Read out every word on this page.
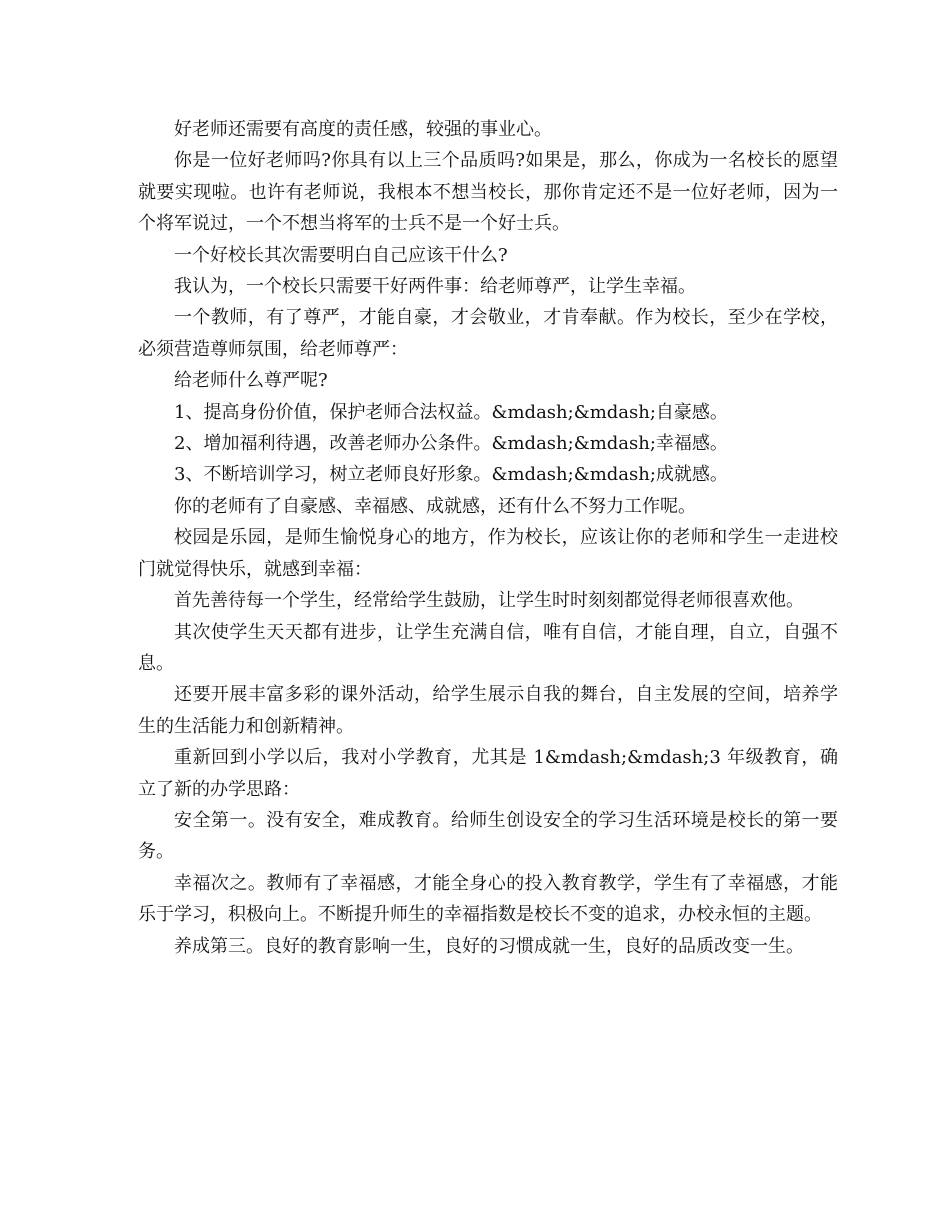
好老师还需要有高度的责任感，较强的事业心。

你是一位好老师吗?你具有以上三个品质吗?如果是，那么，你成为一名校长的愿望就要实现啦。也许有老师说，我根本不想当校长，那你肯定还不是一位好老师，因为一个将军说过，一个不想当将军的士兵不是一个好士兵。

一个好校长其次需要明白自己应该干什么?

我认为，一个校长只需要干好两件事：给老师尊严，让学生幸福。

一个教师，有了尊严，才能自豪，才会敬业，才肯奉献。作为校长，至少在学校，必须营造尊师氛围，给老师尊严：

给老师什么尊严呢?

1、提高身份价值，保护老师合法权益。&mdash;&mdash;自豪感。

2、增加福利待遇，改善老师办公条件。&mdash;&mdash;幸福感。

3、不断培训学习，树立老师良好形象。&mdash;&mdash;成就感。

你的老师有了自豪感、幸福感、成就感，还有什么不努力工作呢。

校园是乐园，是师生愉悦身心的地方，作为校长，应该让你的老师和学生一走进校门就觉得快乐，就感到幸福：

首先善待每一个学生，经常给学生鼓励，让学生时时刻刻都觉得老师很喜欢他。

其次使学生天天都有进步，让学生充满自信，唯有自信，才能自理，自立，自强不息。

还要开展丰富多彩的课外活动，给学生展示自我的舞台，自主发展的空间，培养学生的生活能力和创新精神。

重新回到小学以后，我对小学教育，尤其是 1&mdash;&mdash;3 年级教育，确立了新的办学思路：

安全第一。没有安全，难成教育。给师生创设安全的学习生活环境是校长的第一要务。

幸福次之。教师有了幸福感，才能全身心的投入教育教学，学生有了幸福感，才能乐于学习，积极向上。不断提升师生的幸福指数是校长不变的追求，办校永恒的主题。

养成第三。良好的教育影响一生，良好的习惯成就一生，良好的品质改变一生。
